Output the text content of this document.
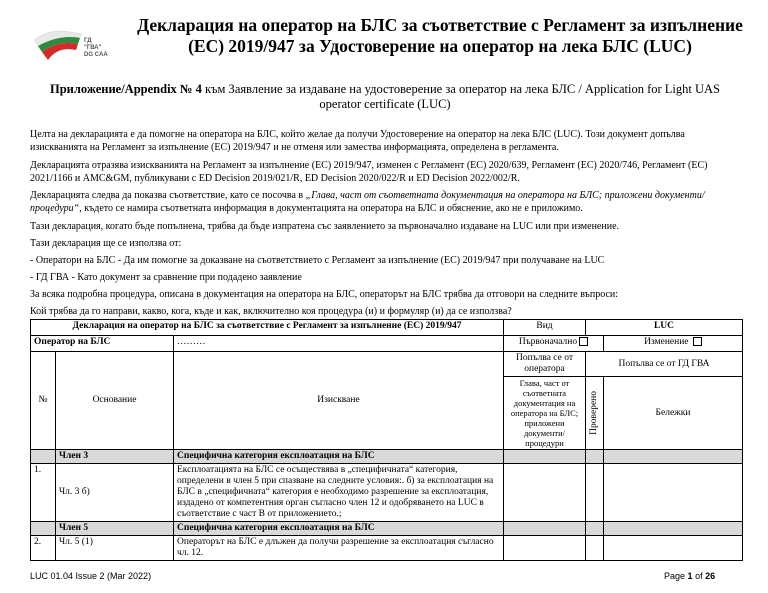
ГД "ГВА"
DG CAA
Декларация на оператор на БЛС за съответствие с Регламент за изпълнение (ЕС) 2019/947 за Удостоверение на оператор на лека БЛС (LUC)
Приложение/Appendix № 4 към Заявление за издаване на удостоверение за оператор на лека БЛС / Application for Light UAS operator certificate (LUC)
Целта на декларацията е да помогне на оператора на БЛС, който желае да получи Удостоверение на оператор на лека БЛС (LUC). Този документ допълва изискванията на Регламент за изпълнение (ЕС) 2019/947 и не отменя или замества информацията, определена в регламента.
Декларацията отразява изискванията на Регламент за изпълнение (ЕС) 2019/947, изменен с Регламент (ЕС) 2020/639, Регламент (ЕС) 2020/746, Регламент (ЕС) 2021/1166 и AMC&GM, публикувани с ED Decision 2019/021/R, ED Decision 2020/022/R и ED Decision 2022/002/R.
Декларацията следва да показва съответствие, като се посочва в „Глава, част от съответната документация на оператора на БЛС; приложени документи/ процедури“, където се намира съответната информация в документацията на оператора на БЛС и обяснение, ако не е приложимо.
Тази декларация, когато бъде попълнена, трябва да бъде изпратена със заявлението за първоначално издаване на LUC или при изменение.
Тази декларация ще се използва от:
- Оператори на БЛС - Да им помогне за доказване на съответствието с Регламент за изпълнение (ЕС) 2019/947 при получаване на LUC
- ГД ГВА - Като документ за сравнение при подадено заявление
За всяка подробна процедура, описана в документация на оператора на БЛС, операторът на БЛС трябва да отговори на следните въпроси:
Кой трябва да го направи, какво, кога, къде и как, включително коя процедура (и) и формуляр (и) да се използва?
Декларация на оператор на БЛС за съответствие с Регламент за изпълнение (ЕС) 2019/947			Вид	LUC	
Оператор на БЛС		………	Първоначално		Изменение
№	Основание	Изискване	Попълва се от оператора	Попълва се от ГД ГВА	
			Глава, част от съответната документация на оператора на БЛС; приложени документи/ процедури	Проверено	Бележки
	Член 3	Специфична категория експлоатация на БЛС			
1.	Чл. 3 б)	Експлоатацията на БЛС се осъществява в „специфичната“ категория, определени в член 5 при спазване на следните условия:. б) за експлоатация на БЛС в „специфичната“ категория е необходимо разрешение за експлоатация, издадено от компетентния орган съгласно член 12 и одобряването на LUC в съответствие с част В от приложението.;			
	Член 5	Специфична категория експлоатация на БЛС			
2.	Чл. 5 (1)	Операторът на БЛС е длъжен да получи разрешение за експлоатация съгласно чл. 12.			
LUC 01.04 Issue 2 (Mar 2022)	Page 1 of 26
